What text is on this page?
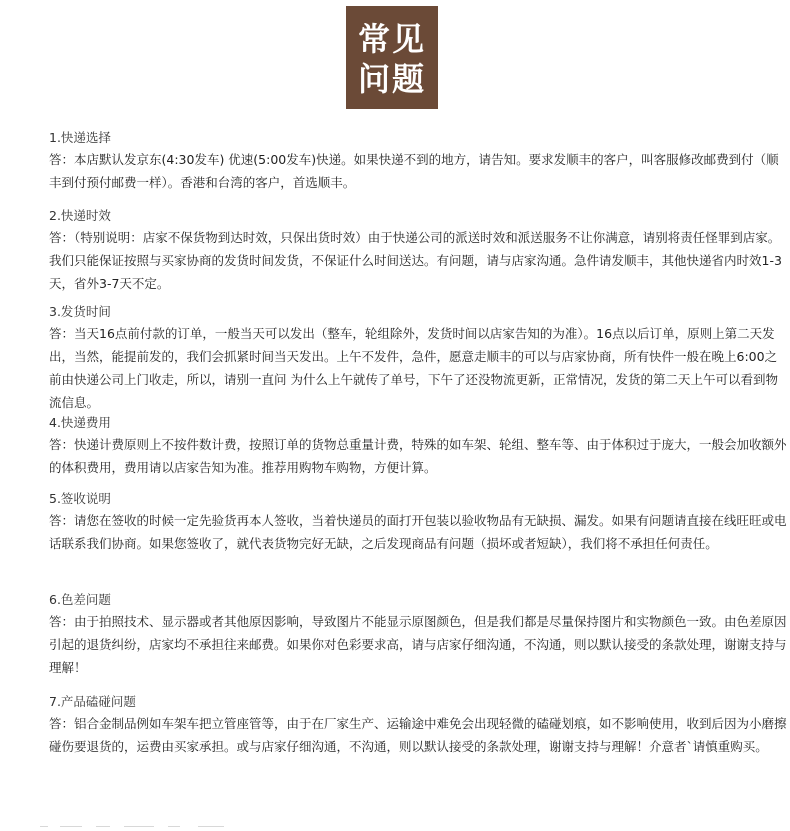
常见
问题

1.快递选择

答：本店默认发京东(4:30发车) 优速(5:00发车)快递。如果快递不到的地方，请告知。要求发顺丰的客户，叫客服修改邮费到付（顺丰到付预付邮费一样）。香港和台湾的客户，首选顺丰。

2.快递时效

答：（特别说明：店家不保货物到达时效，只保出货时效）由于快递公司的派送时效和派送服务不让你满意，请别将责任怪罪到店家。我们只能保证按照与买家协商的发货时间发货，不保证什么时间送达。有问题，请与店家沟通。急件请发顺丰，其他快递省内时效1-3天，省外3-7天不定。

3.发货时间

答：当天16点前付款的订单，一般当天可以发出（整车，轮组除外，发货时间以店家告知的为准）。16点以后订单，原则上第二天发出，当然，能提前发的，我们会抓紧时间当天发出。上午不发件，急件，愿意走顺丰的可以与店家协商，所有快件一般在晚上6:00之前由快递公司上门收走，所以，请别一直问 为什么上午就传了单号，下午了还没物流更新，正常情况，发货的第二天上午可以看到物流信息。

4.快递费用

答：快递计费原则上不按件数计费，按照订单的货物总重量计费，特殊的如车架、轮组、整车等、由于体积过于庞大，一般会加收额外的体积费用，费用请以店家告知为准。推荐用购物车购物，方便计算。

5.签收说明

答：请您在签收的时候一定先验货再本人签收，当着快递员的面打开包装以验收物品有无缺损、漏发。如果有问题请直接在线旺旺或电话联系我们协商。如果您签收了，就代表货物完好无缺，之后发现商品有问题（损坏或者短缺），我们将不承担任何责任。

6.色差问题

答：由于拍照技术、显示器或者其他原因影响，导致图片不能显示原图颜色，但是我们都是尽量保持图片和实物颜色一致。由色差原因引起的退货纠纷，店家均不承担往来邮费。如果你对色彩要求高，请与店家仔细沟通，不沟通，则以默认接受的条款处理，谢谢支持与理解！

7.产品磕碰问题

答：铝合金制品例如车架车把立管座管等，由于在厂家生产、运输途中难免会出现轻微的磕碰划痕，如不影响使用，收到后因为小磨擦碰伤要退货的，运费由买家承担。或与店家仔细沟通，不沟通，则以默认接受的条款处理，谢谢支持与理解！介意者`请慎重购买。
